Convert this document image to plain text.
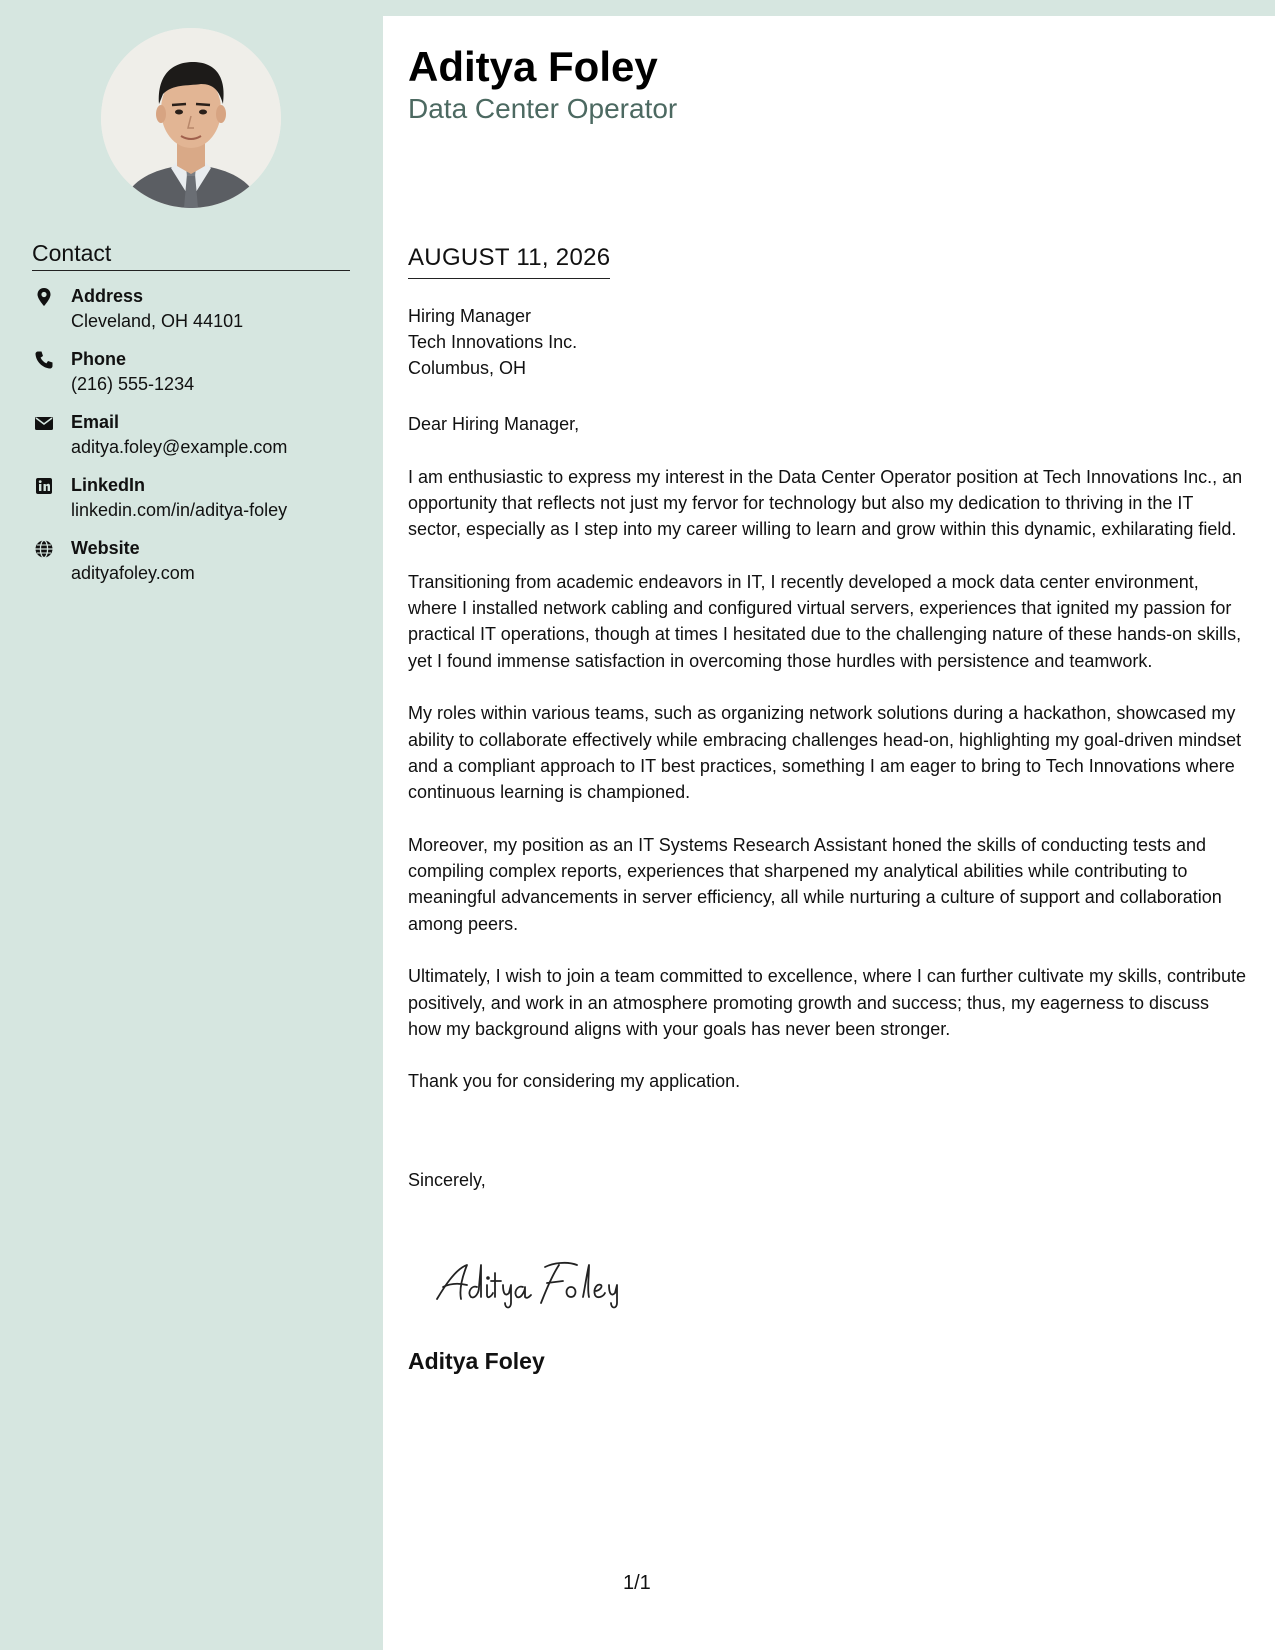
Contact
Address
Cleveland, OH 44101
Phone
(216) 555-1234
Email
aditya.foley@example.com
LinkedIn
linkedin.com/in/aditya-foley
Website
adityafoley.com
Aditya Foley
Data Center Operator
AUGUST 11, 2026
Hiring Manager
Tech Innovations Inc.
Columbus, OH

Dear Hiring Manager,

I am enthusiastic to express my interest in the Data Center Operator position at Tech Innovations Inc., an opportunity that reflects not just my fervor for technology but also my dedication to thriving in the IT sector, especially as I step into my career willing to learn and grow within this dynamic, exhilarating field.

Transitioning from academic endeavors in IT, I recently developed a mock data center environment, where I installed network cabling and configured virtual servers, experiences that ignited my passion for practical IT operations, though at times I hesitated due to the challenging nature of these hands-on skills, yet I found immense satisfaction in overcoming those hurdles with persistence and teamwork.

My roles within various teams, such as organizing network solutions during a hackathon, showcased my ability to collaborate effectively while embracing challenges head-on, highlighting my goal-driven mindset and a compliant approach to IT best practices, something I am eager to bring to Tech Innovations where continuous learning is championed.

Moreover, my position as an IT Systems Research Assistant honed the skills of conducting tests and compiling complex reports, experiences that sharpened my analytical abilities while contributing to meaningful advancements in server efficiency, all while nurturing a culture of support and collaboration among peers.

Ultimately, I wish to join a team committed to excellence, where I can further cultivate my skills, contribute positively, and work in an atmosphere promoting growth and success; thus, my eagerness to discuss how my background aligns with your goals has never been stronger.

Thank you for considering my application.

Sincerely,
Aditya Foley
1/1
